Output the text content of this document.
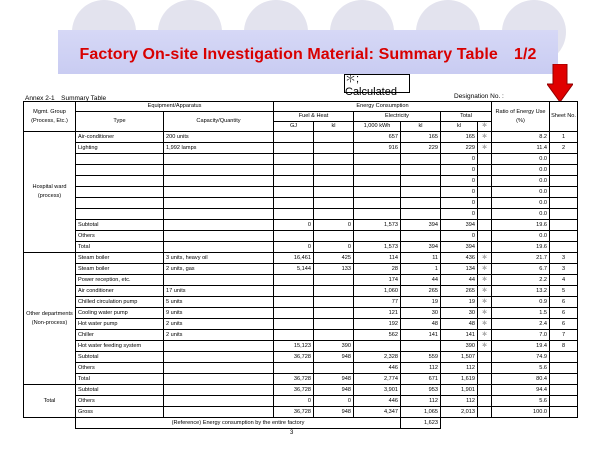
Factory On-site Investigation Material: Summary Table　1/2
＊; Calculated
Annex 2-1　Summary Table	Designation No. :
Mgmt. Group (Process, Etc.)	Equipment/Apparatus		Energy Consumption						Ratio of Energy Use (%)	Sheet No.
	Type	Capacity/Quantity	Fuel & Heat		Electricity		Total			
			GJ	kl	1,000 kWh	kl	kl	＊		
Hospital ward (process)	Air-conditioner	200 units			657	165	165	＊	8.2	1
	Lighting	1,992 lamps			916	229	229	＊	11.4	2
							0		0.0	
							0		0.0	
							0		0.0	
							0		0.0	
							0		0.0	
							0		0.0	
	Subtotal		0	0	1,573	394	394		19.6	
	Others						0		0.0	
	Total		0	0	1,573	394	394		19.6	
Other departments (Non-process)	Steam boiler	3 units, heavy oil	16,461	425	114	11	436	＊	21.7	3
	Steam boiler	2 units, gas	5,144	133	28	1	134	＊	6.7	3
	Power reception, etc.				174	44	44	＊	2.2	4
	Air conditioner	17 units			1,060	265	265	＊	13.2	5
	Chilled circulation pump	5 units			77	19	19	＊	0.9	6
	Cooling water pump	9 units			121	30	30	＊	1.5	6
	Hot water pump	2 units			192	48	48	＊	2.4	6
	Chiller	2 units			562	141	141	＊	7.0	7
	Hot water feeding system		15,123	390			390	＊	19.4	8
	Subtotal		36,728	948	2,328	559	1,507		74.9	
	Others				446	112	112		5.6	
	Total		36,728	948	2,774	671	1,619		80.4	
Total	Subtotal		36,728	948	3,901	953	1,901		94.4	
	Others		0	0	446	112	112		5.6	
	Gross		36,728	948	4,347	1,065	2,013		100.0	
	(Reference) Energy consumption by the entire factory					1,623				
3
